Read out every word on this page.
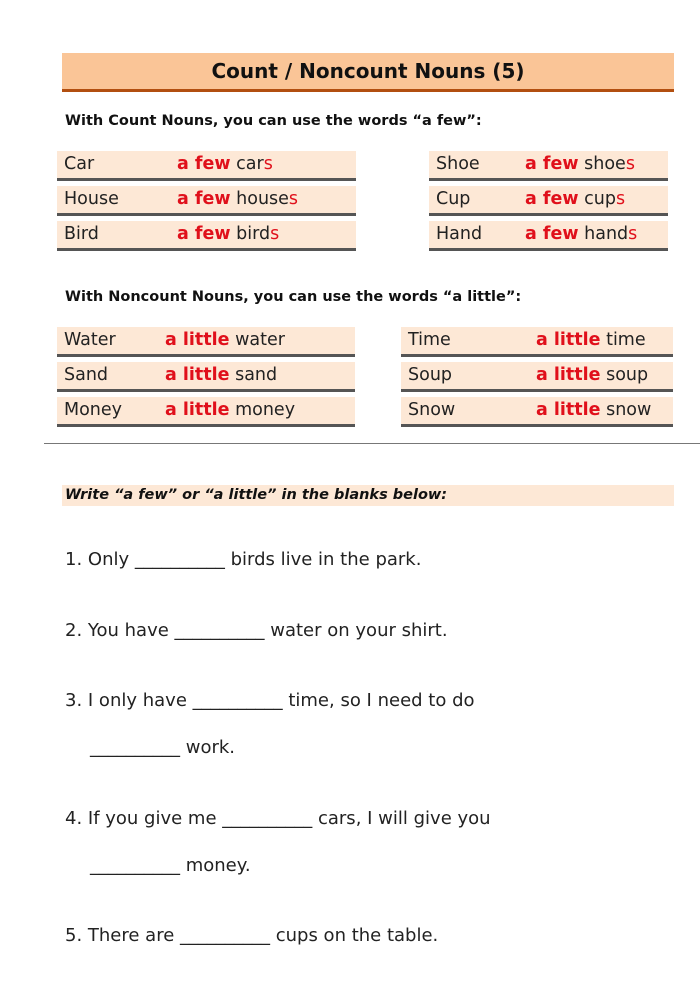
Count / Noncount Nouns (5)
With Count Nouns, you can use the words “a few”:
Car	a few cars
House	a few houses
Bird	a few birds
Shoe	a few shoes
Cup	a few cups
Hand a few hands
With Noncount Nouns, you can use the words “a little”:
Water	a little water
Sand	a little sand
Money a little money
Time	a little time
Soup	a little soup
Snow	a little snow
Write “a few” or “a little” in the blanks below:
1. Only __________ birds live in the park.
2. You have __________ water on your shirt.
3. I only have __________ time, so I need to do
__________ work.
4. If you give me __________ cars, I will give you
__________ money.
5. There are __________ cups on the table.
